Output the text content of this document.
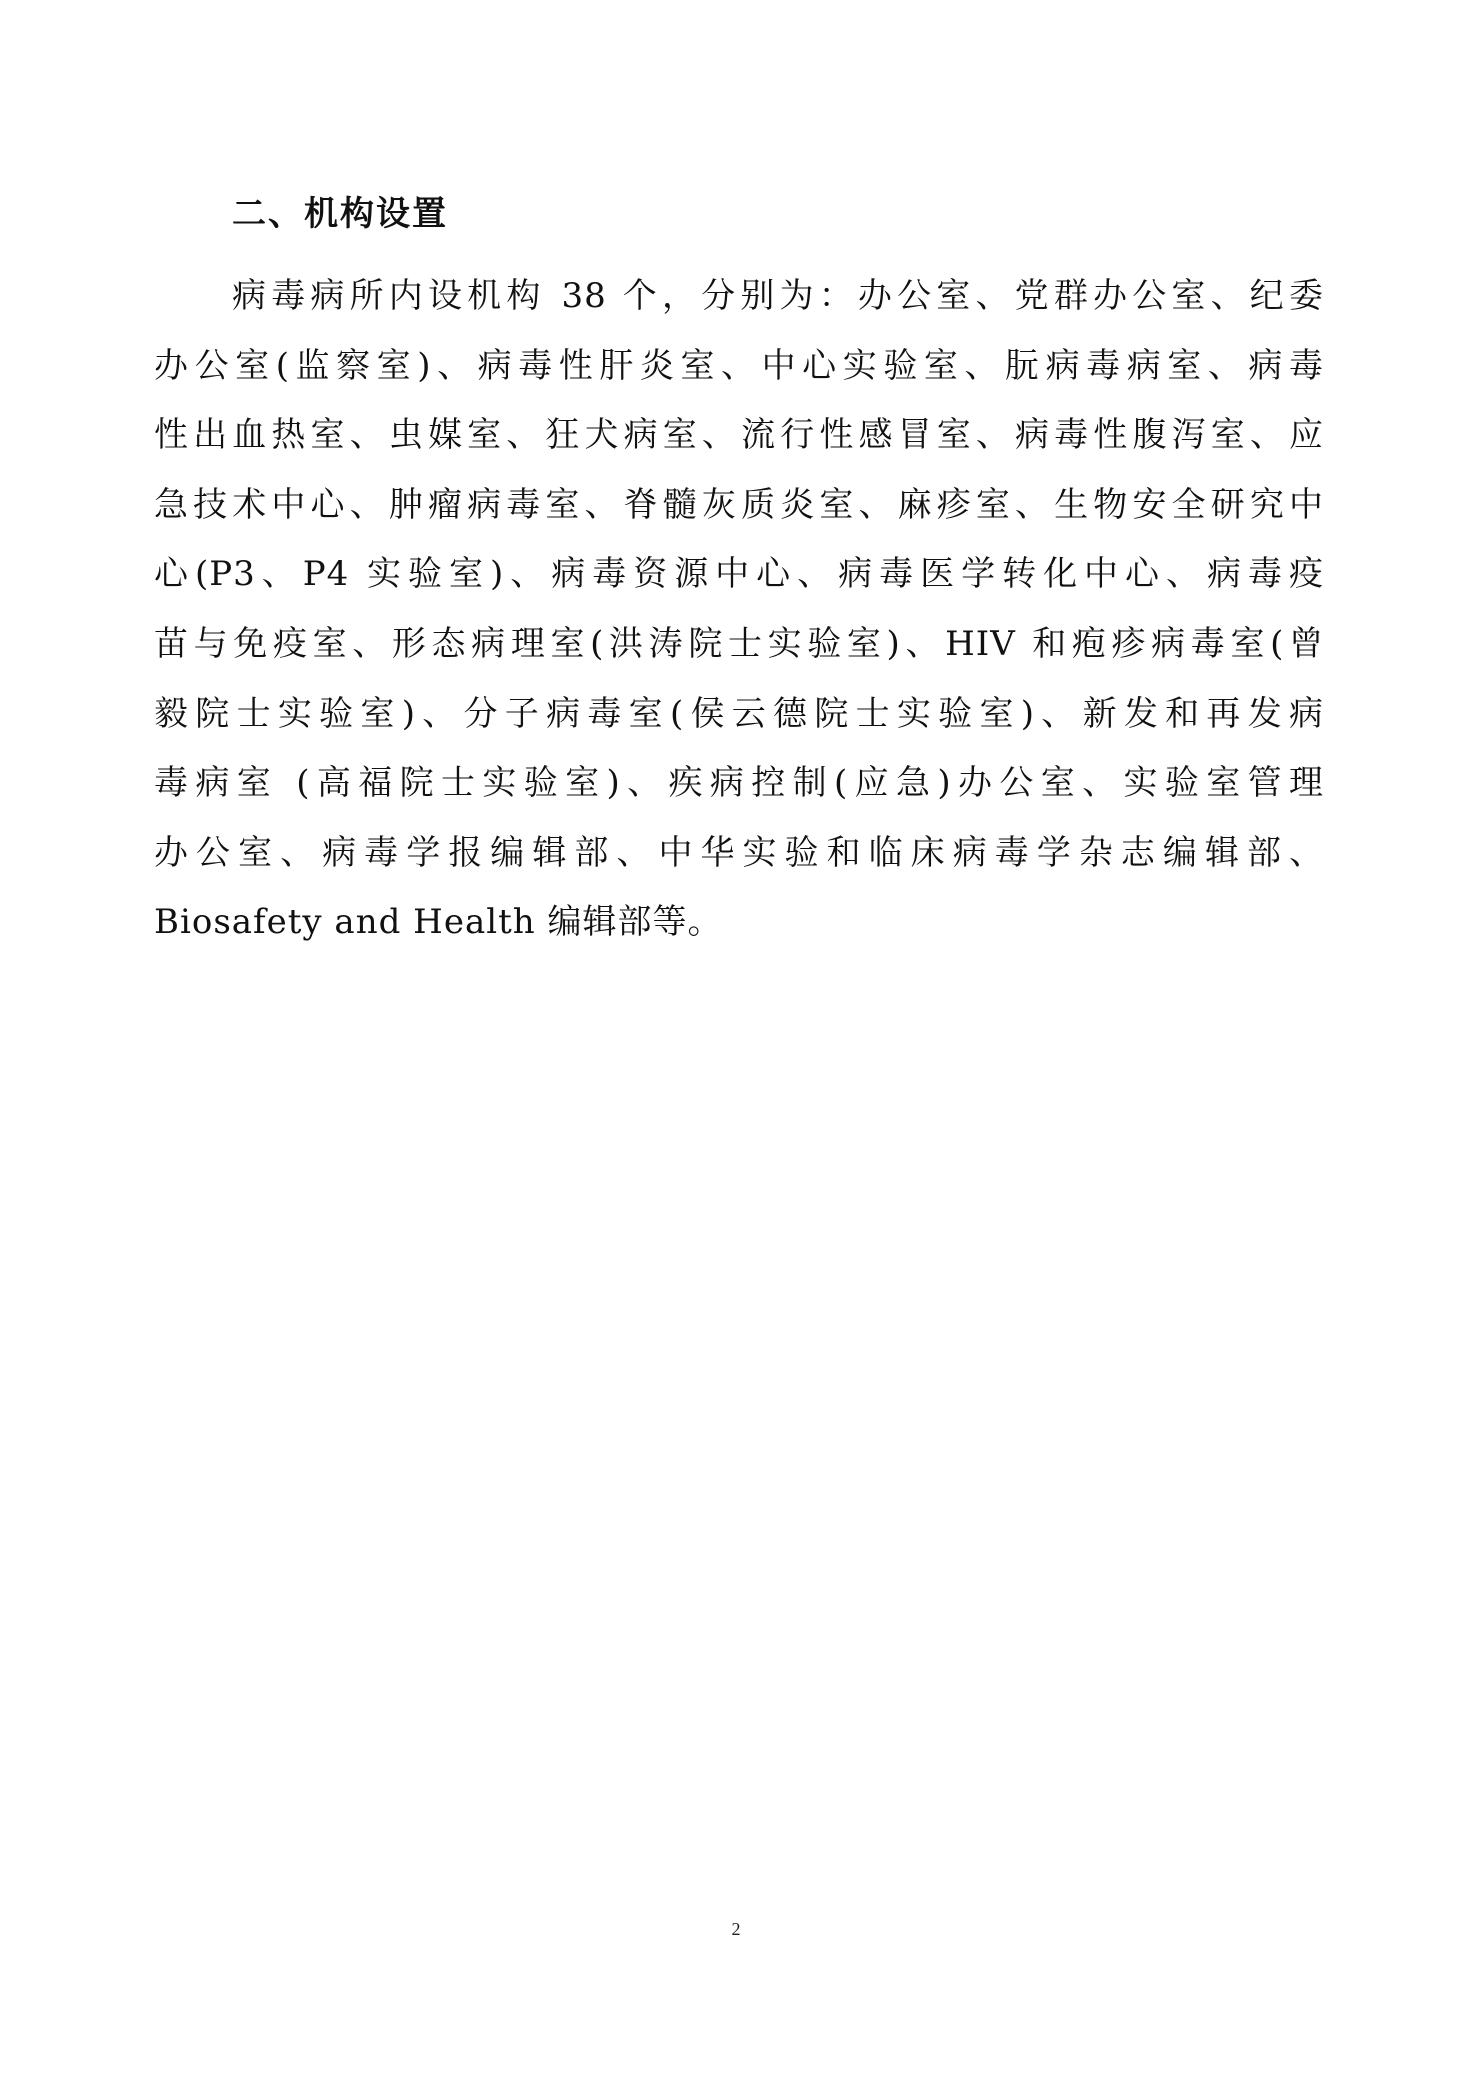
二、机构设置
病毒病所内设机构 38 个，分别为：办公室、党群办公室、纪委
办公室(监察室)、病毒性肝炎室、中心实验室、朊病毒病室、病毒
性出血热室、虫媒室、狂犬病室、流行性感冒室、病毒性腹泻室、应
急技术中心、肿瘤病毒室、脊髓灰质炎室、麻疹室、生物安全研究中
心(P3、P4 实验室)、病毒资源中心、病毒医学转化中心、病毒疫
苗与免疫室、形态病理室(洪涛院士实验室)、HIV 和疱疹病毒室(曾
毅院士实验室)、分子病毒室(侯云德院士实验室)、新发和再发病
毒病室 (高福院士实验室)、疾病控制(应急)办公室、实验室管理
办公室、病毒学报编辑部、中华实验和临床病毒学杂志编辑部、
Biosafety and Health 编辑部等。
2
